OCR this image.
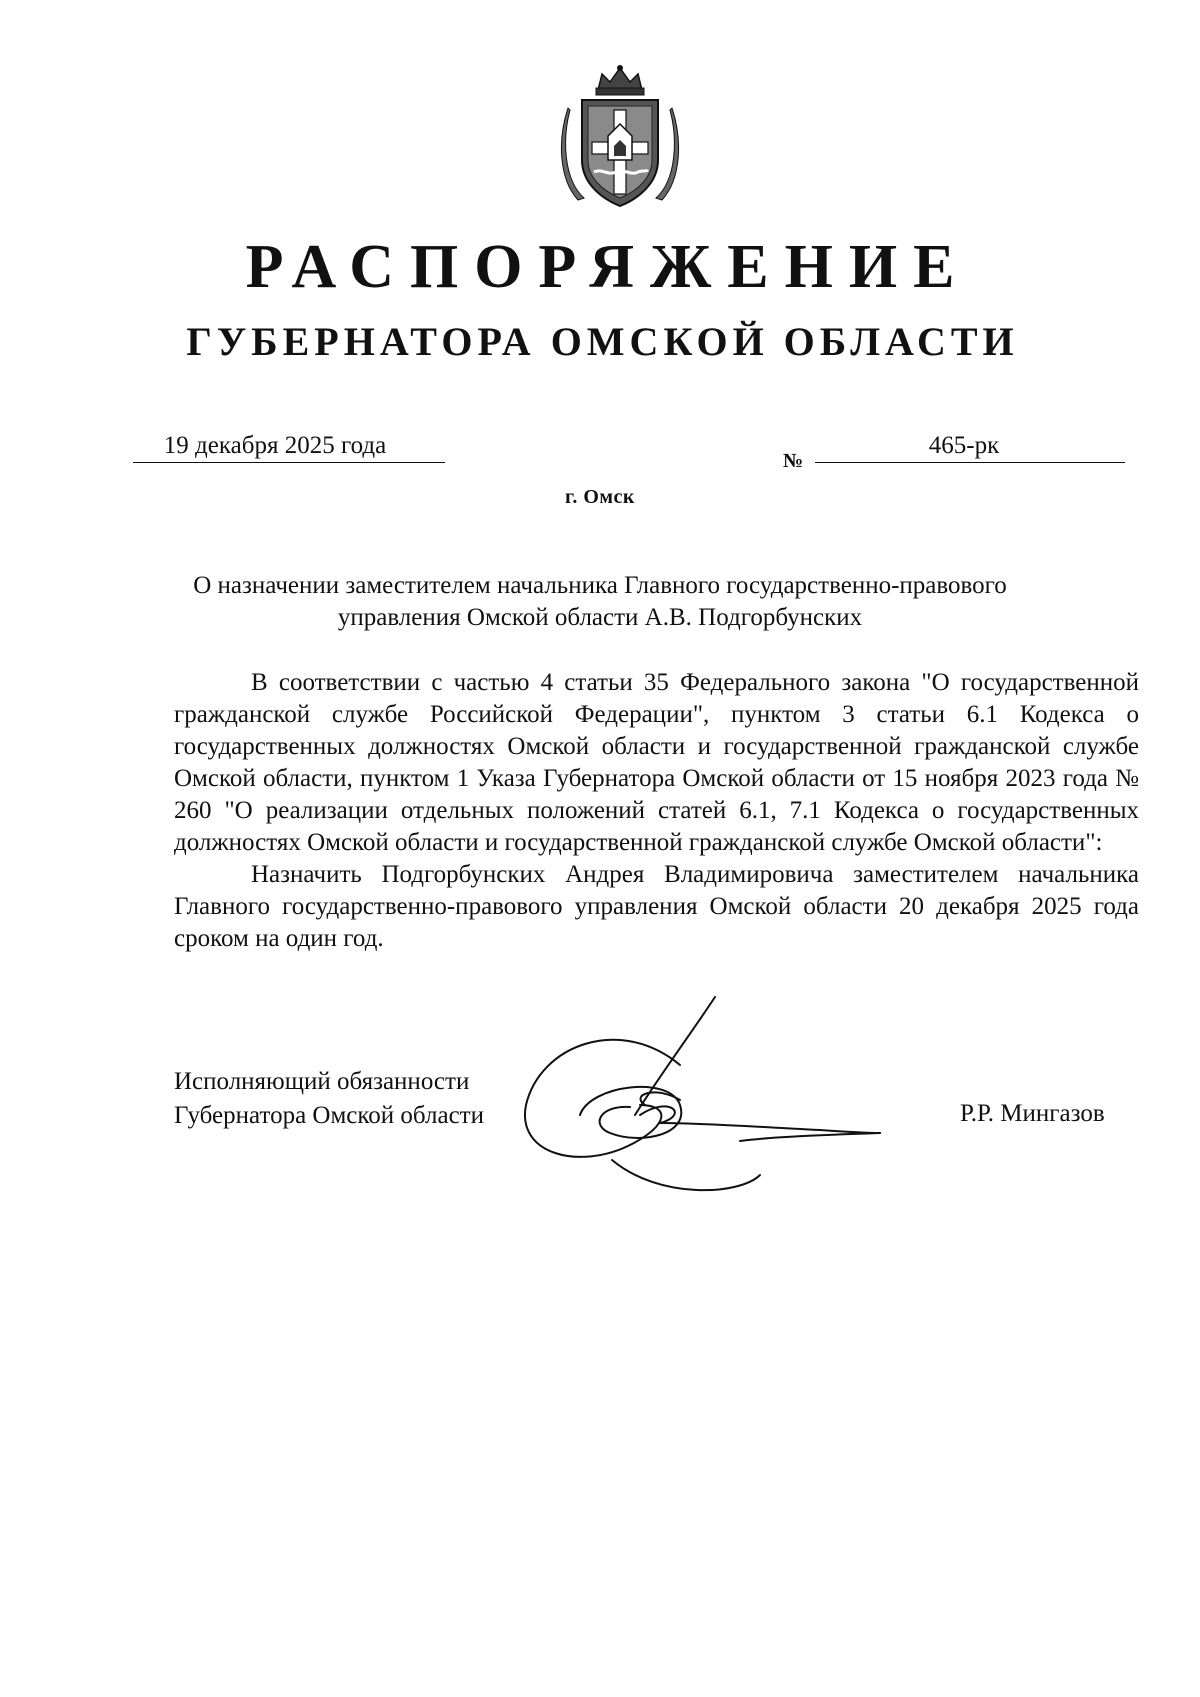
РАСПОРЯЖЕНИЕ
ГУБЕРНАТОРА ОМСКОЙ ОБЛАСТИ
19 декабря 2025 года
№
465-рк
г. Омск
О назначении заместителем начальника Главного государственно-правового
управления Омской области А.В. Подгорбунских

В соответствии с частью 4 статьи 35 Федерального закона "О государственной гражданской службе Российской Федерации", пунктом 3 статьи 6.1 Кодекса о государственных должностях Омской области и государственной гражданской службе Омской области, пунктом 1 Указа Губернатора Омской области от 15 ноября 2023 года № 260 "О реализации отдельных положений статей 6.1, 7.1 Кодекса о государственных должностях Омской области и государственной гражданской службе Омской области":

Назначить Подгорбунских Андрея Владимировича заместителем начальника Главного государственно-правового управления Омской области 20 декабря 2025 года сроком на один год.

Исполняющий обязанности
Губернатора Омской области	Р.Р. Мингазов
